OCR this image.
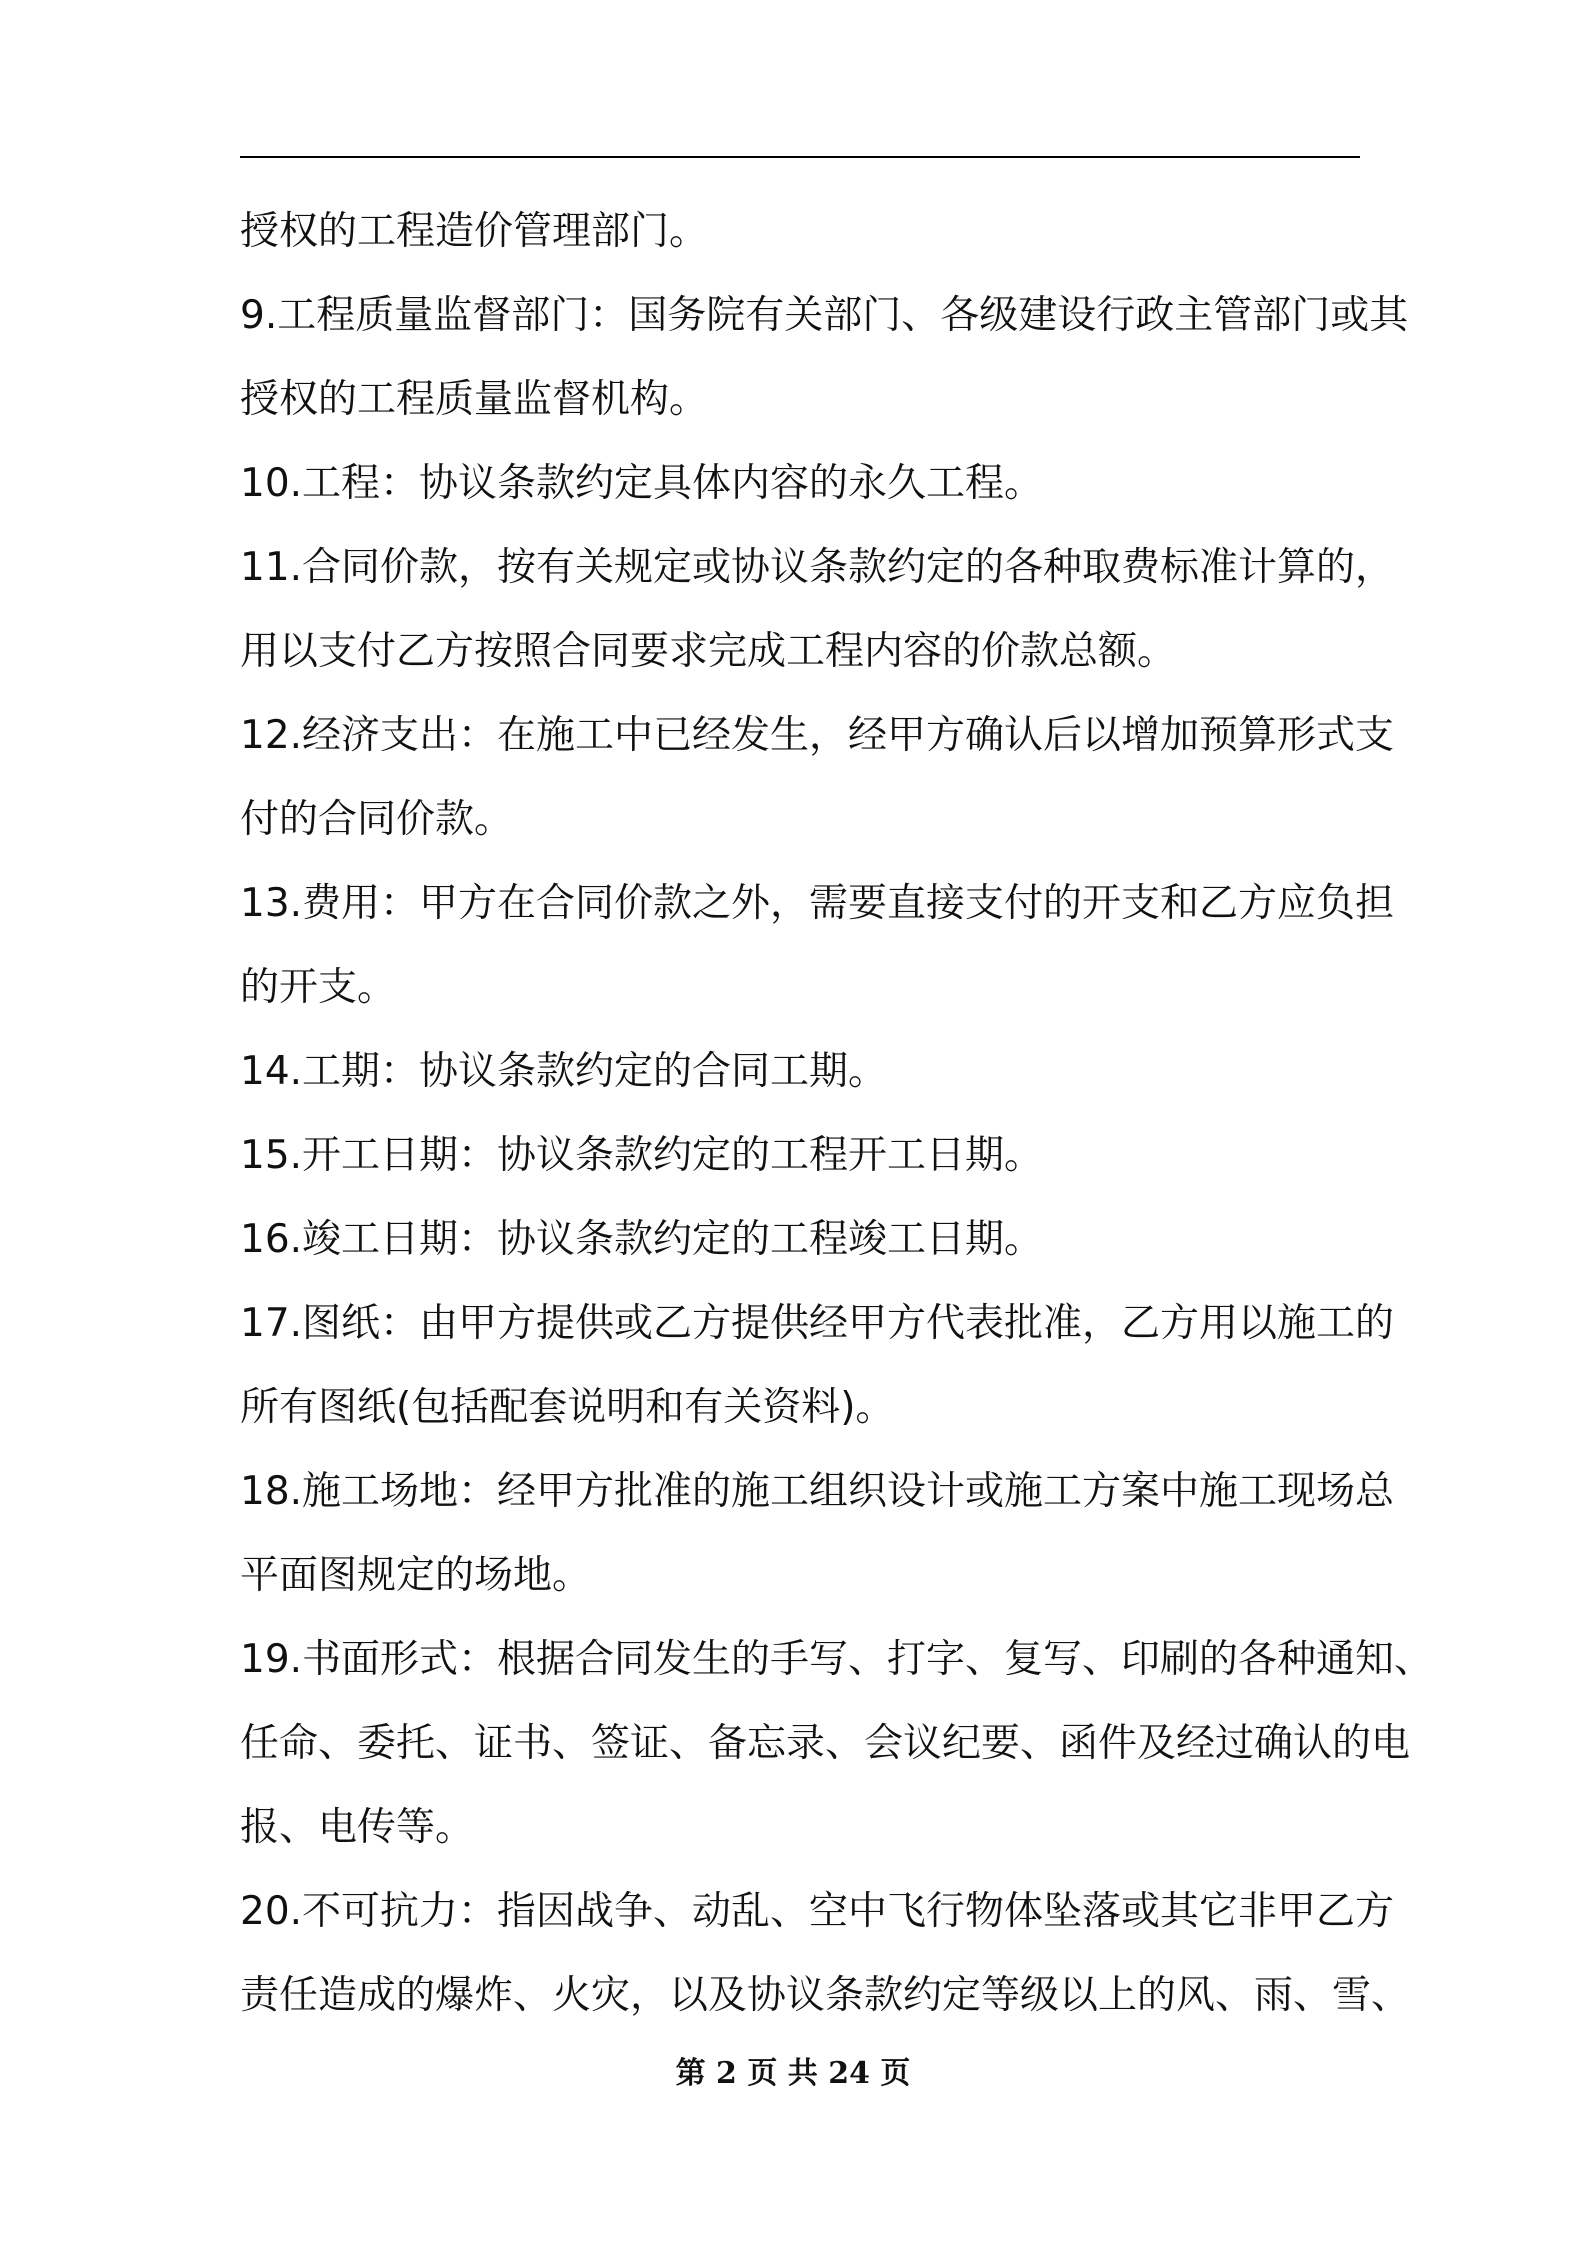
授权的工程造价管理部门。
9.工程质量监督部门：国务院有关部门、各级建设行政主管部门或其
授权的工程质量监督机构。
10.工程：协议条款约定具体内容的永久工程。
11.合同价款，按有关规定或协议条款约定的各种取费标准计算的，
用以支付乙方按照合同要求完成工程内容的价款总额。
12.经济支出：在施工中已经发生，经甲方确认后以增加预算形式支
付的合同价款。
13.费用：甲方在合同价款之外，需要直接支付的开支和乙方应负担
的开支。
14.工期：协议条款约定的合同工期。
15.开工日期：协议条款约定的工程开工日期。
16.竣工日期：协议条款约定的工程竣工日期。
17.图纸：由甲方提供或乙方提供经甲方代表批准，乙方用以施工的
所有图纸(包括配套说明和有关资料)。
18.施工场地：经甲方批准的施工组织设计或施工方案中施工现场总
平面图规定的场地。
19.书面形式：根据合同发生的手写、打字、复写、印刷的各种通知、
任命、委托、证书、签证、备忘录、会议纪要、函件及经过确认的电
报、电传等。
20.不可抗力：指因战争、动乱、空中飞行物体坠落或其它非甲乙方
责任造成的爆炸、火灾，以及协议条款约定等级以上的风、雨、雪、
第 2 页 共 24 页
